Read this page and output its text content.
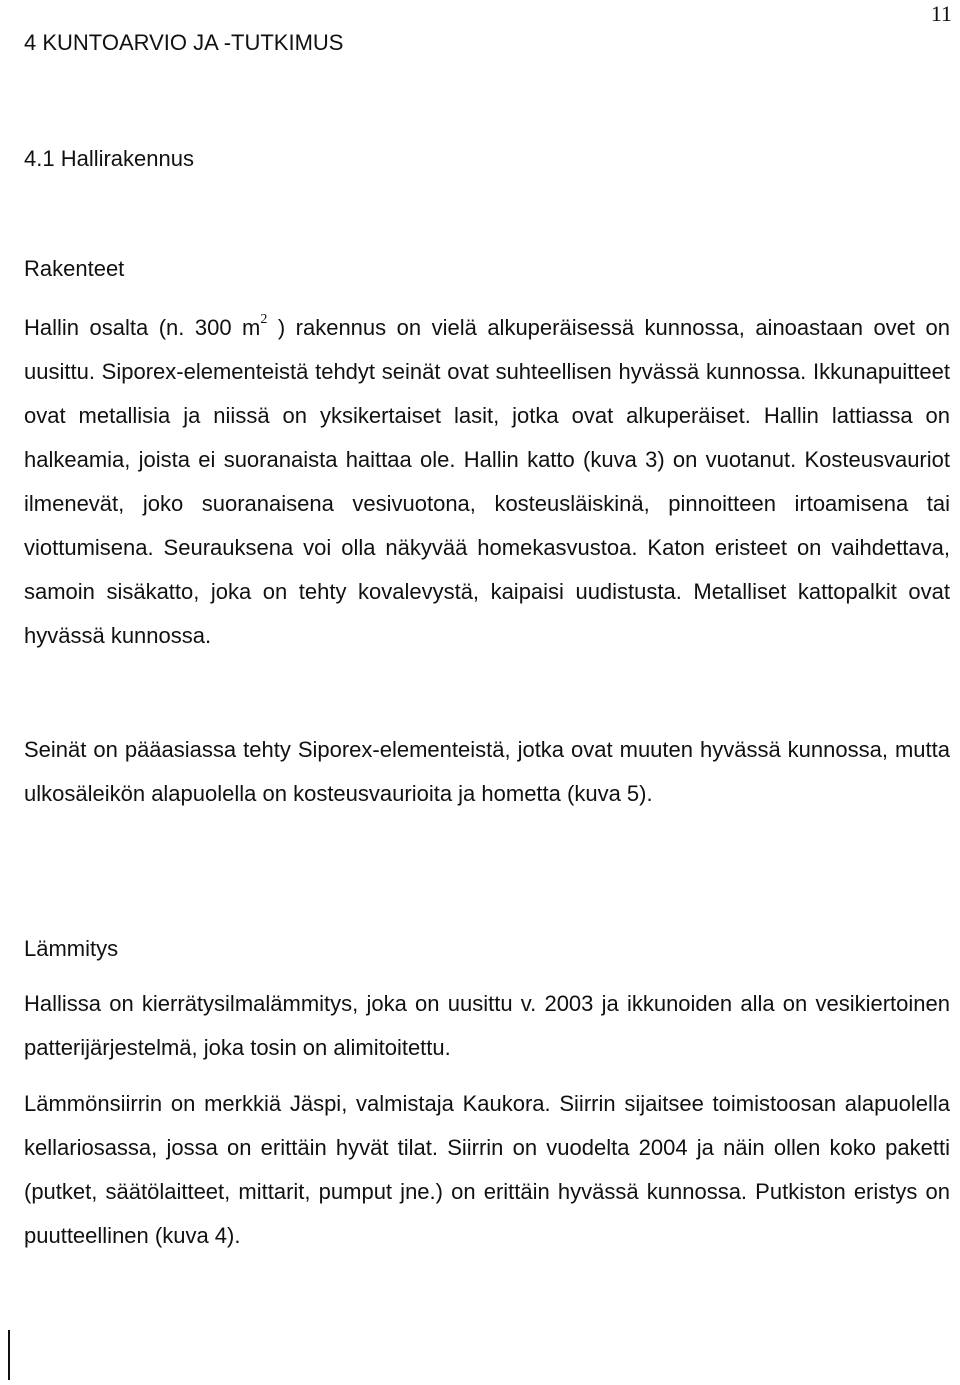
11
4 KUNTOARVIO JA -TUTKIMUS
4.1 Hallirakennus
Rakenteet

Hallin osalta (n. 300 $m^2$ ) rakennus on vielä alkuperäisessä kunnossa, ainoastaan ovet on uusittu. Siporex-elementeistä tehdyt seinät ovat suhteellisen hyvässä kunnossa. Ikkunapuitteet ovat metallisia ja niissä on yksikertaiset lasit, jotka ovat alkuperäiset. Hallin lattiassa on halkeamia, joista ei suoranaista haittaa ole. Hallin katto (kuva 3) on vuotanut. Kosteusvauriot ilmenevät, joko suoranaisena vesivuotona, kosteusläiskinä, pinnoitteen irtoamisena tai viottumisena. Seurauksena voi olla näkyvää homekasvustoa. Katon eristeet on vaihdettava, samoin sisäkatto, joka on tehty kovalevystä, kaipaisi uudistusta. Metalliset kattopalkit ovat hyvässä kunnossa.

Seinät on pääasiassa tehty Siporex-elementeistä, jotka ovat muuten hyvässä kunnossa, mutta ulkosäleikön alapuolella on kosteusvaurioita ja hometta (kuva 5).

Lämmitys

Hallissa on kierrätysilmalämmitys, joka on uusittu v. 2003 ja ikkunoiden alla on vesikiertoinen patterijärjestelmä, joka tosin on alimitoitettu.

Lämmönsiirrin on merkkiä Jäspi, valmistaja Kaukora. Siirrin sijaitsee toimistoosan alapuolella kellariosassa, jossa on erittäin hyvät tilat. Siirrin on vuodelta 2004 ja näin ollen koko paketti (putket, säätölaitteet, mittarit, pumput jne.) on erittäin hyvässä kunnossa. Putkiston eristys on puutteellinen (kuva 4).
